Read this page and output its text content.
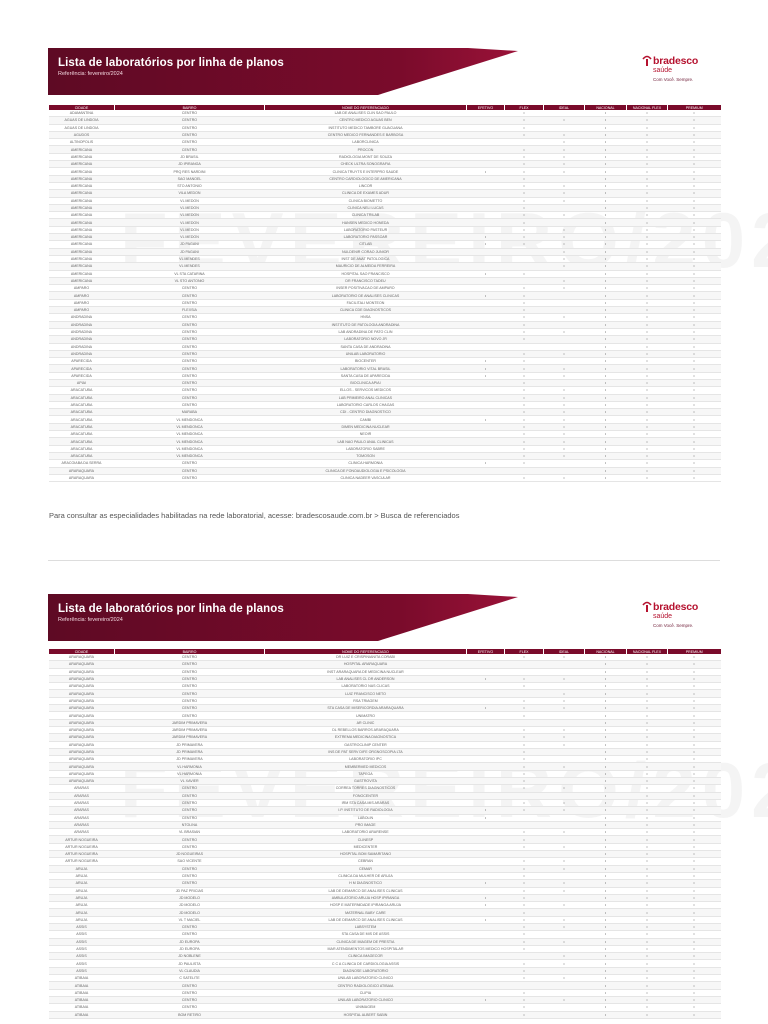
Lista de laboratórios por linha de planos
Referência: fevereiro/2024
bradesco
saúde
Com Você. Sempre.
CIDADE	BAIRRO	NOME DO REFERENCIADO	EFETIVO	FLEX	IDEAL	NACIONAL	NACIONAL FLEX	PREMIUM
ADAMANTINA	CENTRO	LAB DE ANALISES CLIN SAO PAULO		•		•	•	•
AGUAS DE LINDOIA	CENTRO	CENTRO MEDICO AGUAS BEN		•	•	•	•	•
AGUAS DE LINDOIA	CENTRO	INSTITUTO MEDICO TAMBORE GUACUANA		•		•	•	•
AGUDOS	CENTRO	CENTRO MEDICO FERNANDES E BARBOSA		•	•	•	•	•
ALTINOPOLIS	CENTRO	LABORCLINICA			•	•	•	•
AMERICANA	CENTRO	PROCON		•	•	•	•	•
AMERICANA	JD BRASIL	RADIOLOGIA MONT DE SOUZA		•	•	•	•	•
AMERICANA	JD IPIRANGA	CHECK ULTRA SONOGRAFIA		•	•	•	•	•
AMERICANA	PRQ RES NARDINI	CLINICA TRUYTS E INTERPRO SAUDE	•	•	•	•	•	•
AMERICANA	SAO MANOEL	CENTRO CARDIOLOGICO DE AMERICANA		•		•	•	•
AMERICANA	STO ANTONIO	LINCOR		•	•	•	•	•
AMERICANA	VILA MEDON	CLINICA DE EXAMES ADUR		•	•	•	•	•
AMERICANA	VL MEDON	CLINICA BIOMETTO		•	•	•	•	•
AMERICANA	VL MEDON	CLINICA NELI LUCAS		•		•	•	•
AMERICANA	VL MEDON	CLINICA TRILAB		•	•	•	•	•
AMERICANA	VL MEDON	HANSEN MEDICO HONEDA		•		•	•	•
AMERICANA	VL MEDON	LABORATORIO PASTEUR		•	•	•	•	•
AMERICANA	VL MEDON	LABORATORIO PASSOAR	•	•	•	•	•	•
AMERICANA	JD PAGANI	CITLAB	•	•	•	•	•	•
AMERICANA	JD PAGANI	NULDENIR CORAO JUNIOR			•	•	•	•
AMERICANA	VL MENDES	INST DE ANAT PATOLOGICA			•	•	•	•
AMERICANA	VL MENDES	MAURICIO DE ALMEIDA FERREIRA			•	•	•	•
AMERICANA	VL STA CATARINA	HOSPITAL SAO FRANCISCO	•	•		•	•	•
AMERICANA	VL STO ANTONIO	DR FRANCISCO TADEU			•	•	•	•
AMPARO	CENTRO	INSER POSITIVACAO DE AMPARO		•	•	•	•	•
AMPARO	CENTRO	LABORATORIO DE ANALISES CLINICAS	•	•		•	•	•
AMPARO	CENTRO	FACILITALI MONTEON		•		•	•	•
AMPARO	FLEXSIA	CLINICA CDE DIAGNOSTICOS		•		•	•	•
ANDRADINA	CENTRO	HNSA		•	•	•	•	•
ANDRADINA	CENTRO	INSTITUTO DE PATOLOGIA ANDRADINA		•		•	•	•
ANDRADINA	CENTRO	LAB ANDRADINA DE PATO CLIN		•	•	•	•	•
ANDRADINA	CENTRO	LABORATORIO NOVO JR		•		•	•	•
ANDRADINA	CENTRO	SANTA CASA DE ANDRADINA				•	•	•
ANDRADINA	CENTRO	UNILAB LABORATORIO		•	•	•	•	•
APARECIDA	CENTRO	BIOCENTER	•	•		•	•	•
APARECIDA	CENTRO	LABORATORIO VITAL BRASIL	•	•	•	•	•	•
APARECIDA	CENTRO	SANTA CASA DE APARECIDA	•	•	•	•	•	•
APIAI	CENTRO	BIOCLINICA APIAI		•		•	•	•
ARACATUBA	CENTRO	ELLOS - SERVICOS MEDICOS		•	•	•	•	•
ARACATUBA	CENTRO	LAB PRIMEIRO ANAL CLINICAS		•	•	•	•	•
ARACATUBA	CENTRO	LABORATORIO CARLOS CHAGAS		•	•	•	•	•
ARACATUBA	MARABA	CDI - CENTRO DIAGNOSTICO		•	•	•	•	•
ARACATUBA	VL MENDONCA	CAMBI	•	•	•	•	•	•
ARACATUBA	VL MENDONCA	DIMEN MEDICINA NUCLEAR		•	•	•	•	•
ARACATUBA	VL MENDONCA	NEOIR		•	•	•	•	•
ARACATUBA	VL MENDONCA	LAB NAO PAULO ANAL CLINICAS		•	•	•	•	•
ARACATUBA	VL MENDONCA	LABORATORIO SABRE		•	•	•	•	•
ARACATUBA	VL MENDONCA	TOMOSON		•	•	•	•	•
ARACOIABA DA SERRA	CENTRO	CLINICA HARMONIA	•	•		•	•	•
ARARAQUARA	CENTRO	CLINICA DE FONOAUDIOLOGIA E PSICOLOGIA				•	•	•
ARARAQUARA	CENTRO	CLINICA NADEER VASCULAR		•	•	•	•	•
Para consultar as especialidades habilitadas na rede laboratorial, acesse: bradescosaude.com.br > Busca de referenciados
Lista de laboratórios por linha de planos
Referência: fevereiro/2024
bradesco
saúde
Com Você. Sempre.
CIDADE	BAIRRO	NOME DO REFERENCIADO	EFETIVO	FLEX	IDEAL	NACIONAL	NACIONAL FLEX	PREMIUM
ARARAQUARA	CENTRO	DR LUIZ E CRISPINIANITA CORABI		•	•	•	•	•
ARARAQUARA	CENTRO	HOSPITAL ARARAQUARA				•	•	•
ARARAQUARA	CENTRO	INST ARARAQUARA DE MEDICINA NUCLEAR				•	•	•
ARARAQUARA	CENTRO	LAB ANALISES CL DR ANDERSON	•	•	•	•	•	•
ARARAQUARA	CENTRO	LABORATORIO NAS CLICAS		•		•	•	•
ARARAQUARA	CENTRO	LUIZ FRANCISCO NETO			•	•	•	•
ARARAQUARA	CENTRO	RSA TRIAGEM		•	•	•	•	•
ARARAQUARA	CENTRO	STA CASA DE MISERICORDIA ARARAQUARA	•	•	•	•	•	•
ARARAQUARA	CENTRO	UNIMATRO		•		•	•	•
ARARAQUARA	JARDIM PRIMAVERA	AR CLINIC				•	•	•
ARARAQUARA	JARDIM PRIMAVERA	DL REBELLOS BARROS ARARAQUARA		•	•	•	•	•
ARARAQUARA	JARDIM PRIMAVERA	EXTREMA MEDICINA DIAGNOSTICA		•	•	•	•	•
ARARAQUARA	JD PRIMAVERA	GASTROCLINIP CENTER		•	•	•	•	•
ARARAQUARA	JD PRIMAVERA	INS DE PAT SERV DIFE ORGNOSCOPIA LTA		•		•	•	•
ARARAQUARA	JD PRIMAVERA	LABORATORIO IPC		•		•	•	•
ARARAQUARA	VL HARMONIA	MEMBERMED MEDICOS		•	•	•	•	•
ARARAQUARA	VL HARMONIA	TAPEGA		•		•	•	•
ARARAQUARA	VL XAVIER	GASTROVITA		•		•	•	•
ARARAS	CENTRO	CORREA TORRES DIAGNOSTICOS		•	•	•	•	•
ARARAS	CENTRO	FONOCENTER				•	•	•
ARARAS	CENTRO	IRM STA CASA MIS ARARAS		•	•	•	•	•
ARARAS	CENTRO	I.P. INSTITUTO DE RADIOLOGIA	•	•	•	•	•	•
ARARAS	CENTRO	LABOLIN	•			•	•	•
ARARAS	NTOLINA	PRO IMAGE				•	•	•
ARARAS	VL BRASIAN	LABORATORIO ARARENSE		•	•	•	•	•
ARTUR NOGUEIRA	CENTRO	CLINESP		•		•	•	•
ARTUR NOGUEIRA	CENTRO	MEDICENTER		•	•	•	•	•
ARTUR NOGUEIRA	JD NOGUEIRAS	HOSPITAL BOM SAMARITANO				•	•	•
ARTUR NOGUEIRA	SAO VICENTE	CEBRAN		•	•	•	•	•
ARUJA	CENTRO	CEMAR		•	•	•	•	•
ARUJA	CENTRO	CLINICA DA MULHER DE ARUJA		•		•	•	•
ARUJA	CENTRO	H M DIAGNOSTICO	•	•	•	•	•	•
ARUJA	JD PAZ PRICIAS	LAB DE DEMARCO DE ANALISES CLINICAS		•	•	•	•	•
ARUJA	JD MODELO	AMBULATORIO ARUJA HOSP IPIRANGA	•	•		•	•	•
ARUJA	JD MODELO	HOSP E MATERNIDADE IPIRANGA ARUJA	•	•	•	•	•	•
ARUJA	JD MODELO	MATERNAL BABY CARE		•		•	•	•
ARUJA	VL T MACIEL	LAB DE DEMARCO DE ANALISES CLINICAS	•	•	•	•	•	•
ASSIS	CENTRO	LABSYSTEM		•	•	•	•	•
ASSIS	CENTRO	STA CASA DE MIS DE ASSIS		•		•	•	•
ASSIS	JD EUROPA	CLINICA DE IMAGEM DE PRESTIA		•	•	•	•	•
ASSIS	JD EUROPA	MAR ATENDIMENTOS MEDICO HOSPITALAR		•		•	•	•
ASSIS	JD NOBLENE	CLINICA IMAGECOR			•	•	•	•
ASSIS	JD PAULISTA	C C A CLINICA DE CARDIOLOGIA ASSIS		•	•	•	•	•
ASSIS	VL CLAUDIA	DIAGNOSE LABORATORIO		•		•	•	•
ATIBAIA	C SATELITE	UNILAB LABORATORIO CLINICO		•	•	•	•	•
ATIBAIA	CENTRO	CENTRO RADIOLOGICO ATIBAIA				•	•	•
ATIBAIA	CENTRO	CLIPIA		•		•	•	•
ATIBAIA	CENTRO	UNILAB LABORATORIO CLINICO	•	•	•	•	•	•
ATIBAIA	CENTRO	UNIMAGEM		•		•	•	•
ATIBAIA	BOM RETIRO	HOSPITAL ALBERT SABIN		•		•	•	•
